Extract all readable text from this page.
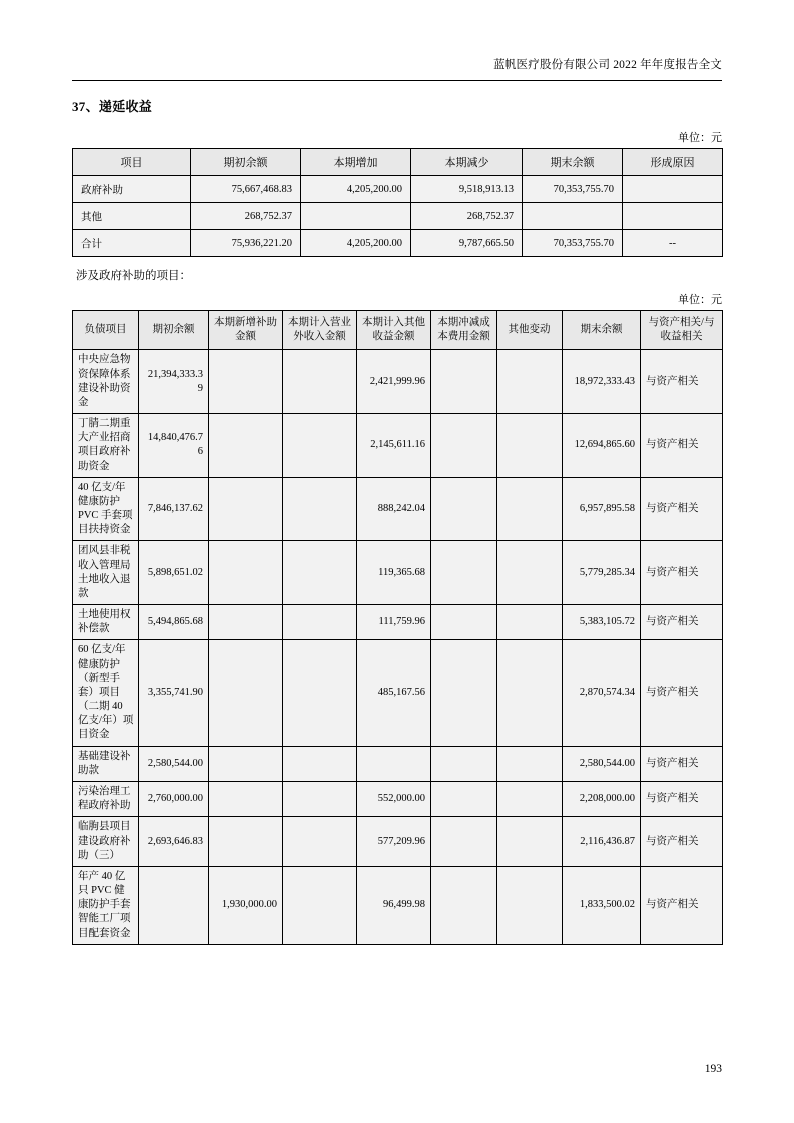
蓝帆医疗股份有限公司 2022 年年度报告全文
37、递延收益
单位：元
项目	期初余额	本期增加	本期减少	期末余额	形成原因
政府补助	75,667,468.83	4,205,200.00	9,518,913.13	70,353,755.70	
其他	268,752.37		268,752.37		
合计	75,936,221.20	4,205,200.00	9,787,665.50	70,353,755.70	--
涉及政府补助的项目：
单位：元
负债项目	期初余额	本期新增补助金额	本期计入营业外收入金额	本期计入其他收益金额	本期冲减成本费用金额	其他变动	期末余额	与资产相关/与收益相关
中央应急物资保障体系建设补助资金	21,394,333.39			2,421,999.96			18,972,333.43	与资产相关
丁腈二期重大产业招商项目政府补助资金	14,840,476.76			2,145,611.16			12,694,865.60	与资产相关
40 亿支/年健康防护 PVC 手套项目扶持资金	7,846,137.62			888,242.04			6,957,895.58	与资产相关
团风县非税收入管理局土地收入退款	5,898,651.02			119,365.68			5,779,285.34	与资产相关
土地使用权补偿款	5,494,865.68			111,759.96			5,383,105.72	与资产相关
60 亿支/年健康防护（新型手套）项目（二期 40 亿支/年）项目资金	3,355,741.90			485,167.56			2,870,574.34	与资产相关
基础建设补助款	2,580,544.00						2,580,544.00	与资产相关
污染治理工程政府补助	2,760,000.00			552,000.00			2,208,000.00	与资产相关
临朐县项目建设政府补助（三）	2,693,646.83			577,209.96			2,116,436.87	与资产相关
年产 40 亿只 PVC 健康防护手套智能工厂项目配套资金		1,930,000.00		96,499.98			1,833,500.02	与资产相关
193
